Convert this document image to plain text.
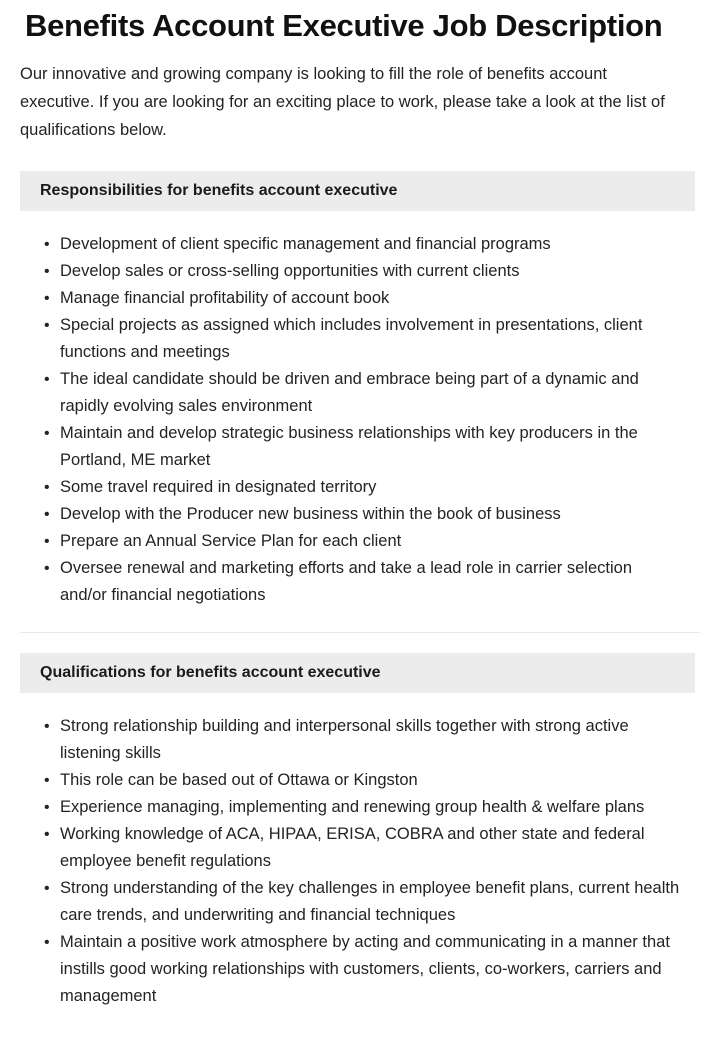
Benefits Account Executive Job Description

Our innovative and growing company is looking to fill the role of benefits account executive. If you are looking for an exciting place to work, please take a look at the list of qualifications below.

Responsibilities for benefits account executive
• Development of client specific management and financial programs
• Develop sales or cross-selling opportunities with current clients
• Manage financial profitability of account book
• Special projects as assigned which includes involvement in presentations, client functions and meetings
• The ideal candidate should be driven and embrace being part of a dynamic and rapidly evolving sales environment
• Maintain and develop strategic business relationships with key producers in the Portland, ME market
• Some travel required in designated territory
• Develop with the Producer new business within the book of business
• Prepare an Annual Service Plan for each client
• Oversee renewal and marketing efforts and take a lead role in carrier selection and/or financial negotiations
Qualifications for benefits account executive
• Strong relationship building and interpersonal skills together with strong active listening skills
• This role can be based out of Ottawa or Kingston
• Experience managing, implementing and renewing group health & welfare plans
• Working knowledge of ACA, HIPAA, ERISA, COBRA and other state and federal employee benefit regulations
• Strong understanding of the key challenges in employee benefit plans, current health care trends, and underwriting and financial techniques
• Maintain a positive work atmosphere by acting and communicating in a manner that instills good working relationships with customers, clients, co-workers, carriers and management
